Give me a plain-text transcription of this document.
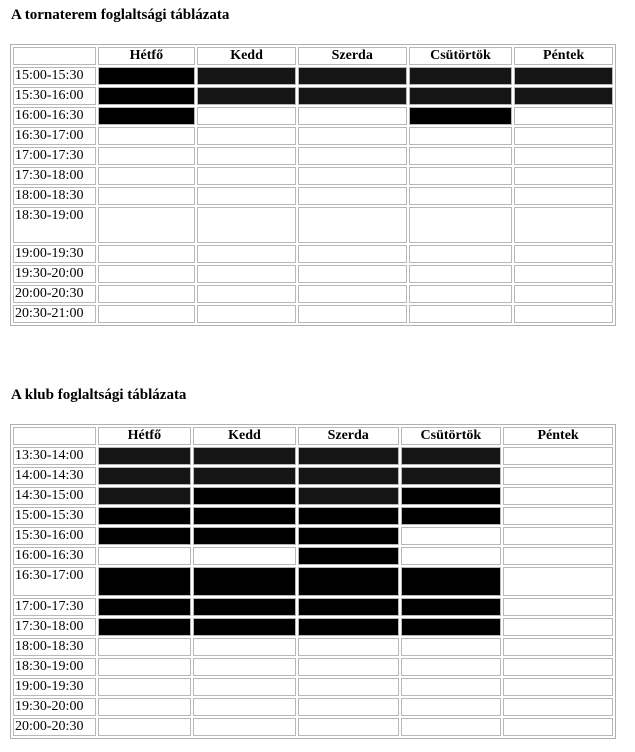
A tornaterem foglaltsági táblázata
	Hétfő	Kedd	Szerda	Csütörtök	Péntek
15:00-15:30					
15:30-16:00					
16:00-16:30					
16:30-17:00					
17:00-17:30					
17:30-18:00					
18:00-18:30					
18:30-19:00					
19:00-19:30					
19:30-20:00					
20:00-20:30					
20:30-21:00					
A klub foglaltsági táblázata
	Hétfő	Kedd	Szerda	Csütörtök	Péntek
13:30-14:00					
14:00-14:30					
14:30-15:00					
15:00-15:30					
15:30-16:00					
16:00-16:30					
16:30-17:00					
17:00-17:30					
17:30-18:00					
18:00-18:30					
18:30-19:00					
19:00-19:30					
19:30-20:00					
20:00-20:30					
